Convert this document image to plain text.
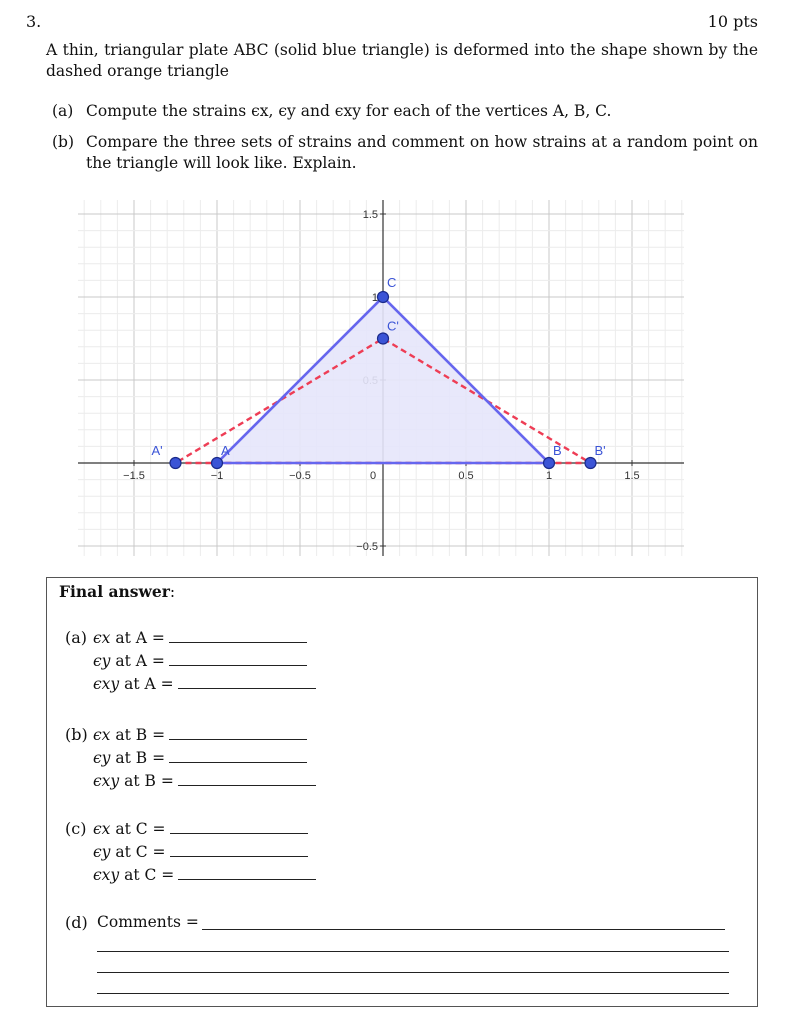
3.	10 pts
A thin, triangular plate ABC (solid blue triangle) is deformed into the shape shown by the dashed orange triangle
(a) Compute the strains ϵx, ϵy and ϵxy for each of the vertices A, B, C.
(b) Compare the three sets of strains and comment on how strains at a random point on the triangle will look like. Explain.
−1.5	−1	−0.5	0	0.5	1	1.5
−0.5
1
1.5
A	B
C
A'	B'
C'
Final answer:
(a) ϵx at A =
ϵy at A =
ϵxy at A =
(b) ϵx at B =
ϵy at B =
ϵxy at B =
(c) ϵx at C =
ϵy at C =
ϵxy at C =
(d) Comments =
